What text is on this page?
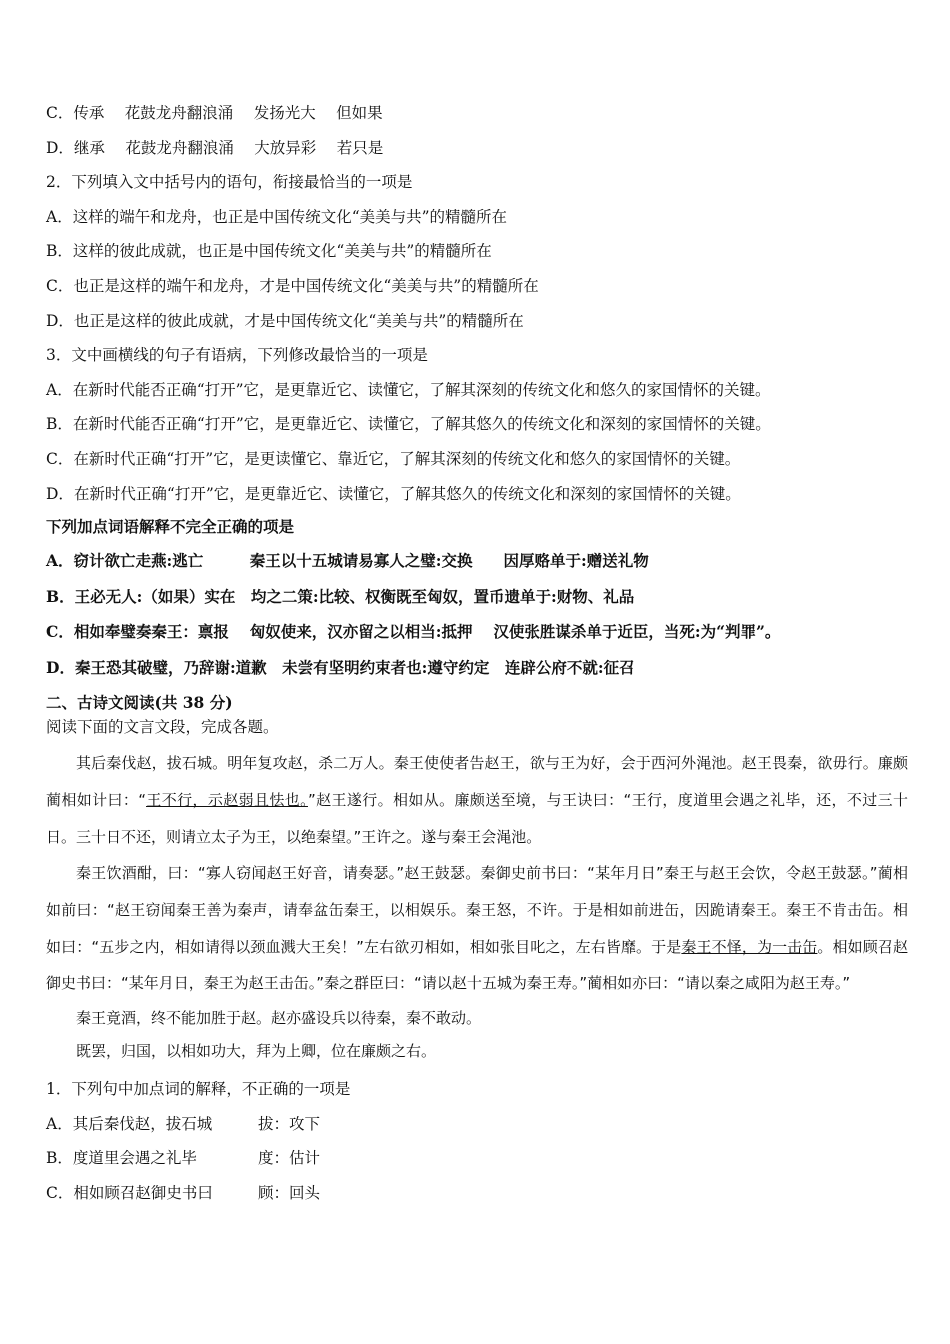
C．传承　 花鼓龙舟翻浪涌　 发扬光大　 但如果

D．继承　 花鼓龙舟翻浪涌　 大放异彩　 若只是

2．下列填入文中括号内的语句，衔接最恰当的一项是

A．这样的端午和龙舟，也正是中国传统文化“美美与共”的精髓所在

B．这样的彼此成就，也正是中国传统文化“美美与共”的精髓所在

C．也正是这样的端午和龙舟，才是中国传统文化“美美与共”的精髓所在

D．也正是这样的彼此成就，才是中国传统文化“美美与共”的精髓所在

3．文中画横线的句子有语病，下列修改最恰当的一项是

A．在新时代能否正确“打开”它，是更靠近它、读懂它，了解其深刻的传统文化和悠久的家国情怀的关键。

B．在新时代能否正确“打开”它，是更靠近它、读懂它，了解其悠久的传统文化和深刻的家国情怀的关键。

C．在新时代正确“打开”它，是更读懂它、靠近它，了解其深刻的传统文化和悠久的家国情怀的关键。

D．在新时代正确“打开”它，是更靠近它、读懂它，了解其悠久的传统文化和深刻的家国情怀的关键。

下列加点词语解释不完全正确的项是

A．窃计欲亡走燕:逃亡　　　秦王以十五城请易寡人之璧:交换　　因厚赂单于:赠送礼物

B．王必无人:（如果）实在　均之二策:比较、权衡既至匈奴，置币遗单于:财物、礼品

C．相如奉璧奏秦王：禀报　 匈奴使来，汉亦留之以相当:抵押　 汉使张胜谋杀单于近臣，当死:为“判罪”。

D．秦王恐其破璧，乃辞谢:道歉　未尝有坚明约束者也:遵守约定　连辟公府不就:征召

二、古诗文阅读(共 38 分)

阅读下面的文言文段，完成各题。

其后秦伐赵，拔石城。明年复攻赵，杀二万人。秦王使使者告赵王，欲与王为好，会于西河外渑池。赵王畏秦，欲毋行。廉颇蔺相如计曰：“王不行，示赵弱且怯也。”赵王遂行。相如从。廉颇送至境，与王诀曰：“王行，度道里会遇之礼毕，还，不过三十日。三十日不还，则请立太子为王，以绝秦望。”王许之。遂与秦王会渑池。

秦王饮酒酣，曰：“寡人窃闻赵王好音，请奏瑟。”赵王鼓瑟。秦御史前书曰：“某年月日”秦王与赵王会饮，令赵王鼓瑟。”蔺相如前曰：“赵王窃闻秦王善为秦声，请奉盆缶秦王，以相娱乐。秦王怒，不许。于是相如前进缶，因跪请秦王。秦王不肯击缶。相如曰：“五步之内，相如请得以颈血溅大王矣！”左右欲刃相如，相如张目叱之，左右皆靡。于是秦王不怿，为一击缶。相如顾召赵御史书曰：“某年月日，秦王为赵王击缶。”秦之群臣曰：“请以赵十五城为秦王寿。”蔺相如亦曰：“请以秦之咸阳为赵王寿。”

秦王竟酒，终不能加胜于赵。赵亦盛设兵以待秦，秦不敢动。

既罢，归国，以相如功大，拜为上卿，位在廉颇之右。

1．下列句中加点词的解释，不正确的一项是

A．其后秦伐赵，拔石城	拔：攻下

B．度道里会遇之礼毕	度：估计

C．相如顾召赵御史书曰	顾：回头
